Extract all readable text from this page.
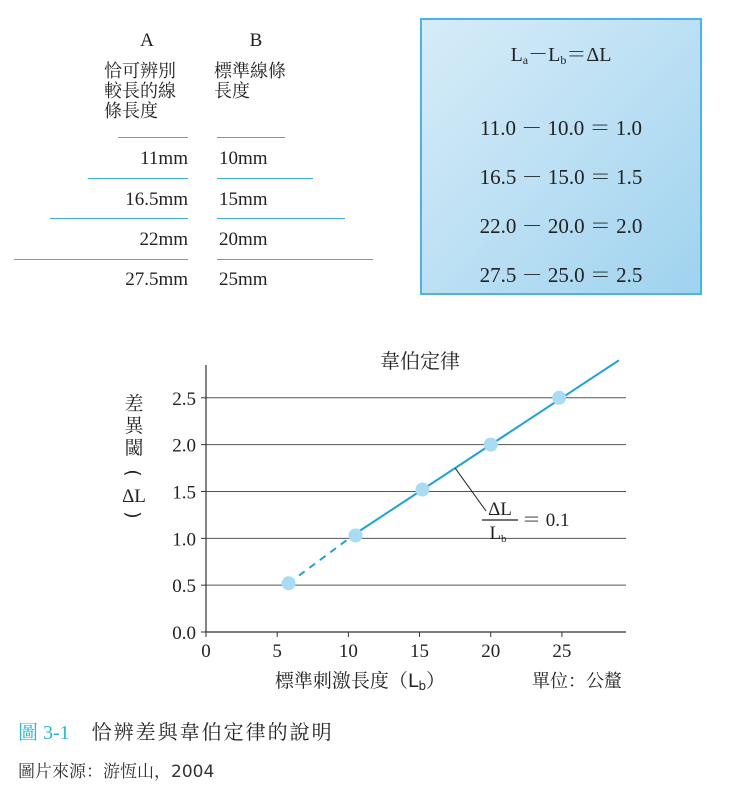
A	B
恰可辨別
較長的線
條長度
標準線條
長度
11mm 10mm
16.5mm 15mm
22mm 20mm
27.5mm 25mm
$L_a-L_b=\Delta L$
11.0 － 10.0 ＝ 1.0
16.5 － 15.0 ＝ 1.5
22.0 － 20.0 ＝ 2.0
27.5 － 25.0 ＝ 2.5
韋伯定律
0.0
0.5
1.0
1.5
2.0
2.5
0	5	10	15	20	25
差
異
閾
(
ΔL
)	ΔL
Lb
＝ 0.1
標準刺激長度（Lb）	單位：公釐
圖 3-1 恰辨差與韋伯定律的說明
圖片來源：游恆山，2004
